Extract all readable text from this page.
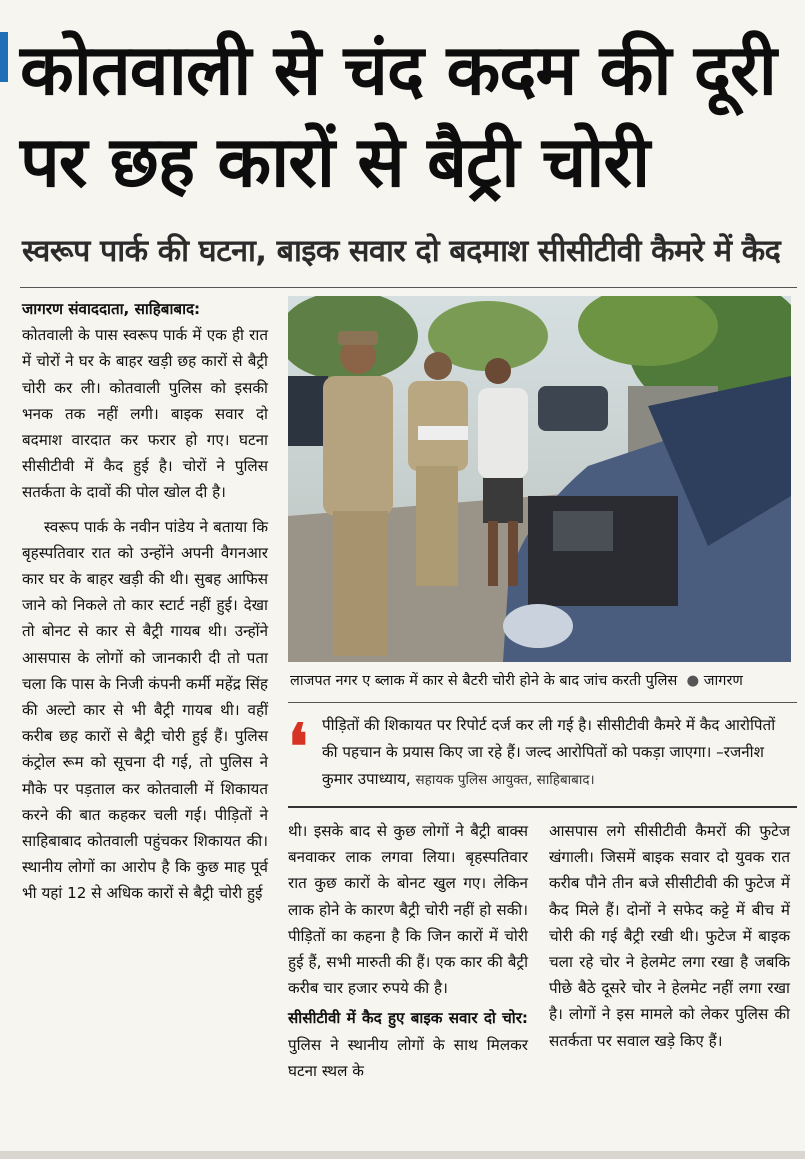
कोतवाली से चंद कदम की दूरी पर छह कारों से बैट्री चोरी
स्वरूप पार्क की घटना, बाइक सवार दो बदमाश सीसीटीवी कैमरे में कैद

जागरण संवाददाता, साहिबाबाद:

कोतवाली के पास स्वरूप पार्क में एक ही रात में चोरों ने घर के बाहर खड़ी छह कारों से बैट्री चोरी कर ली। कोतवाली पुलिस को इसकी भनक तक नहीं लगी। बाइक सवार दो बदमाश वारदात कर फरार हो गए। घटना सीसीटीवी में कैद हुई है। चोरों ने पुलिस सतर्कता के दावों की पोल खोल दी है।

स्वरूप पार्क के नवीन पांडेय ने बताया कि बृहस्पतिवार रात को उन्होंने अपनी वैगनआर कार घर के बाहर खड़ी की थी। सुबह आफिस जाने को निकले तो कार स्टार्ट नहीं हुई। देखा तो बोनट से कार से बैट्री गायब थी। उन्होंने आसपास के लोगों को जानकारी दी तो पता चला कि पास के निजी कंपनी कर्मी महेंद्र सिंह की अल्टो कार से भी बैट्री गायब थी। वहीं करीब छह कारों से बैट्री चोरी हुई हैं। पुलिस कंट्रोल रूम को सूचना दी गई, तो पुलिस ने मौके पर पड़ताल कर कोतवाली में शिकायत करने की बात कहकर चली गई। पीड़ितों ने साहिबाबाद कोतवाली पहुंचकर शिकायत की। स्थानीय लोगों का आरोप है कि कुछ माह पूर्व भी यहां 12 से अधिक कारों से बैट्री चोरी हुई

लाजपत नगर ए ब्लाक में कार से बैटरी चोरी होने के बाद जांच करती पुलिस  ● जागरण
❛ पीड़ितों की शिकायत पर रिपोर्ट दर्ज कर ली गई है। सीसीटीवी कैमरे में कैद आरोपितों की पहचान के प्रयास किए जा रहे हैं। जल्द आरोपितों को पकड़ा जाएगा। –रजनीश कुमार उपाध्याय, सहायक पुलिस आयुक्त, साहिबाबाद।

थी। इसके बाद से कुछ लोगों ने बैट्री बाक्स बनवाकर लाक लगवा लिया। बृहस्पतिवार रात कुछ कारों के बोनट खुल गए। लेकिन लाक होने के कारण बैट्री चोरी नहीं हो सकी। पीड़ितों का कहना है कि जिन कारों में चोरी हुई हैं, सभी मारुती की हैं। एक कार की बैट्री करीब चार हजार रुपये की है।

सीसीटीवी में कैद हुए बाइक सवार दो चोर: पुलिस ने स्थानीय लोगों के साथ मिलकर घटना स्थल के

आसपास लगे सीसीटीवी कैमरों की फुटेज खंगाली। जिसमें बाइक सवार दो युवक रात करीब पौने तीन बजे सीसीटीवी की फुटेज में कैद मिले हैं। दोनों ने सफेद कट्टे में बीच में चोरी की गई बैट्री रखी थी। फुटेज में बाइक चला रहे चोर ने हेलमेट लगा रखा है जबकि पीछे बैठे दूसरे चोर ने हेलमेट नहीं लगा रखा है। लोगों ने इस मामले को लेकर पुलिस की सतर्कता पर सवाल खड़े किए हैं।
